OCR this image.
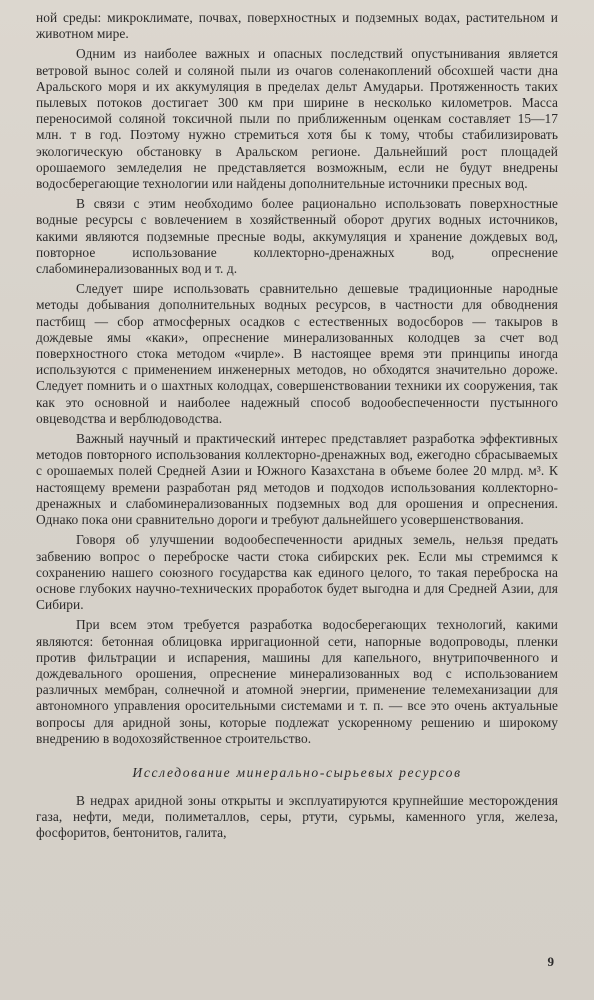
ной среды: микроклимате, почвах, поверхностных и подземных водах, растительном и животном мире.

Одним из наиболее важных и опасных последствий опустынивания является ветровой вынос солей и соляной пыли из очагов соленакоплений обсохшей части дна Аральского моря и их аккумуляция в пределах дельт Амударьи. Протяженность таких пылевых потоков достигает 300 км при ширине в несколько километров. Масса переносимой соляной токсичной пыли по приближенным оценкам составляет 15—17 млн. т в год. Поэтому нужно стремиться хотя бы к тому, чтобы стабилизировать экологическую обстановку в Аральском регионе. Дальнейший рост площадей орошаемого земледелия не представляется возможным, если не будут внедрены водосберегающие технологии или найдены дополнительные источники пресных вод.

В связи с этим необходимо более рационально использовать поверхностные водные ресурсы с вовлечением в хозяйственный оборот других водных источников, какими являются подземные пресные воды, аккумуляция и хранение дождевых вод, повторное использование коллекторно-дренажных вод, опреснение слабоминерализованных вод и т. д.

Следует шире использовать сравнительно дешевые традиционные народные методы добывания дополнительных водных ресурсов, в частности для обводнения пастбищ — сбор атмосферных осадков с естественных водосборов — такыров в дождевые ямы «каки», опреснение минерализованных колодцев за счет вод поверхностного стока методом «чирле». В настоящее время эти принципы иногда используются с применением инженерных методов, но обходятся значительно дороже. Следует помнить и о шахтных колодцах, совершенствовании техники их сооружения, так как это основной и наиболее надежный способ водообеспеченности пустынного овцеводства и верблюдоводства.

Важный научный и практический интерес представляет разработка эффективных методов повторного использования коллекторно-дренажных вод, ежегодно сбрасываемых с орошаемых полей Средней Азии и Южного Казахстана в объеме более 20 млрд. м³. К настоящему времени разработан ряд методов и подходов использования коллекторно-дренажных и слабоминерализованных подземных вод для орошения и опреснения. Однако пока они сравнительно дороги и требуют дальнейшего усовершенствования.

Говоря об улучшении водообеспеченности аридных земель, нельзя предать забвению вопрос о переброске части стока сибирских рек. Если мы стремимся к сохранению нашего союзного государства как единого целого, то такая переброска на основе глубоких научно-технических проработок будет выгодна и для Средней Азии, для Сибири.

При всем этом требуется разработка водосберегающих технологий, какими являются: бетонная облицовка ирригационной сети, напорные водопроводы, пленки против фильтрации и испарения, машины для капельного, внутрипочвенного и дождевального орошения, опреснение минерализованных вод с использованием различных мембран, солнечной и атомной энергии, применение телемеханизации для автономного управления оросительными системами и т. п. — все это очень актуальные вопросы для аридной зоны, которые подлежат ускоренному решению и широкому внедрению в водохозяйственное строительство.

Исследование минерально-сырьевых ресурсов

В недрах аридной зоны открыты и эксплуатируются крупнейшие месторождения газа, нефти, меди, полиметаллов, серы, ртути, сурьмы, каменного угля, железа, фосфоритов, бентонитов, галита,

9
